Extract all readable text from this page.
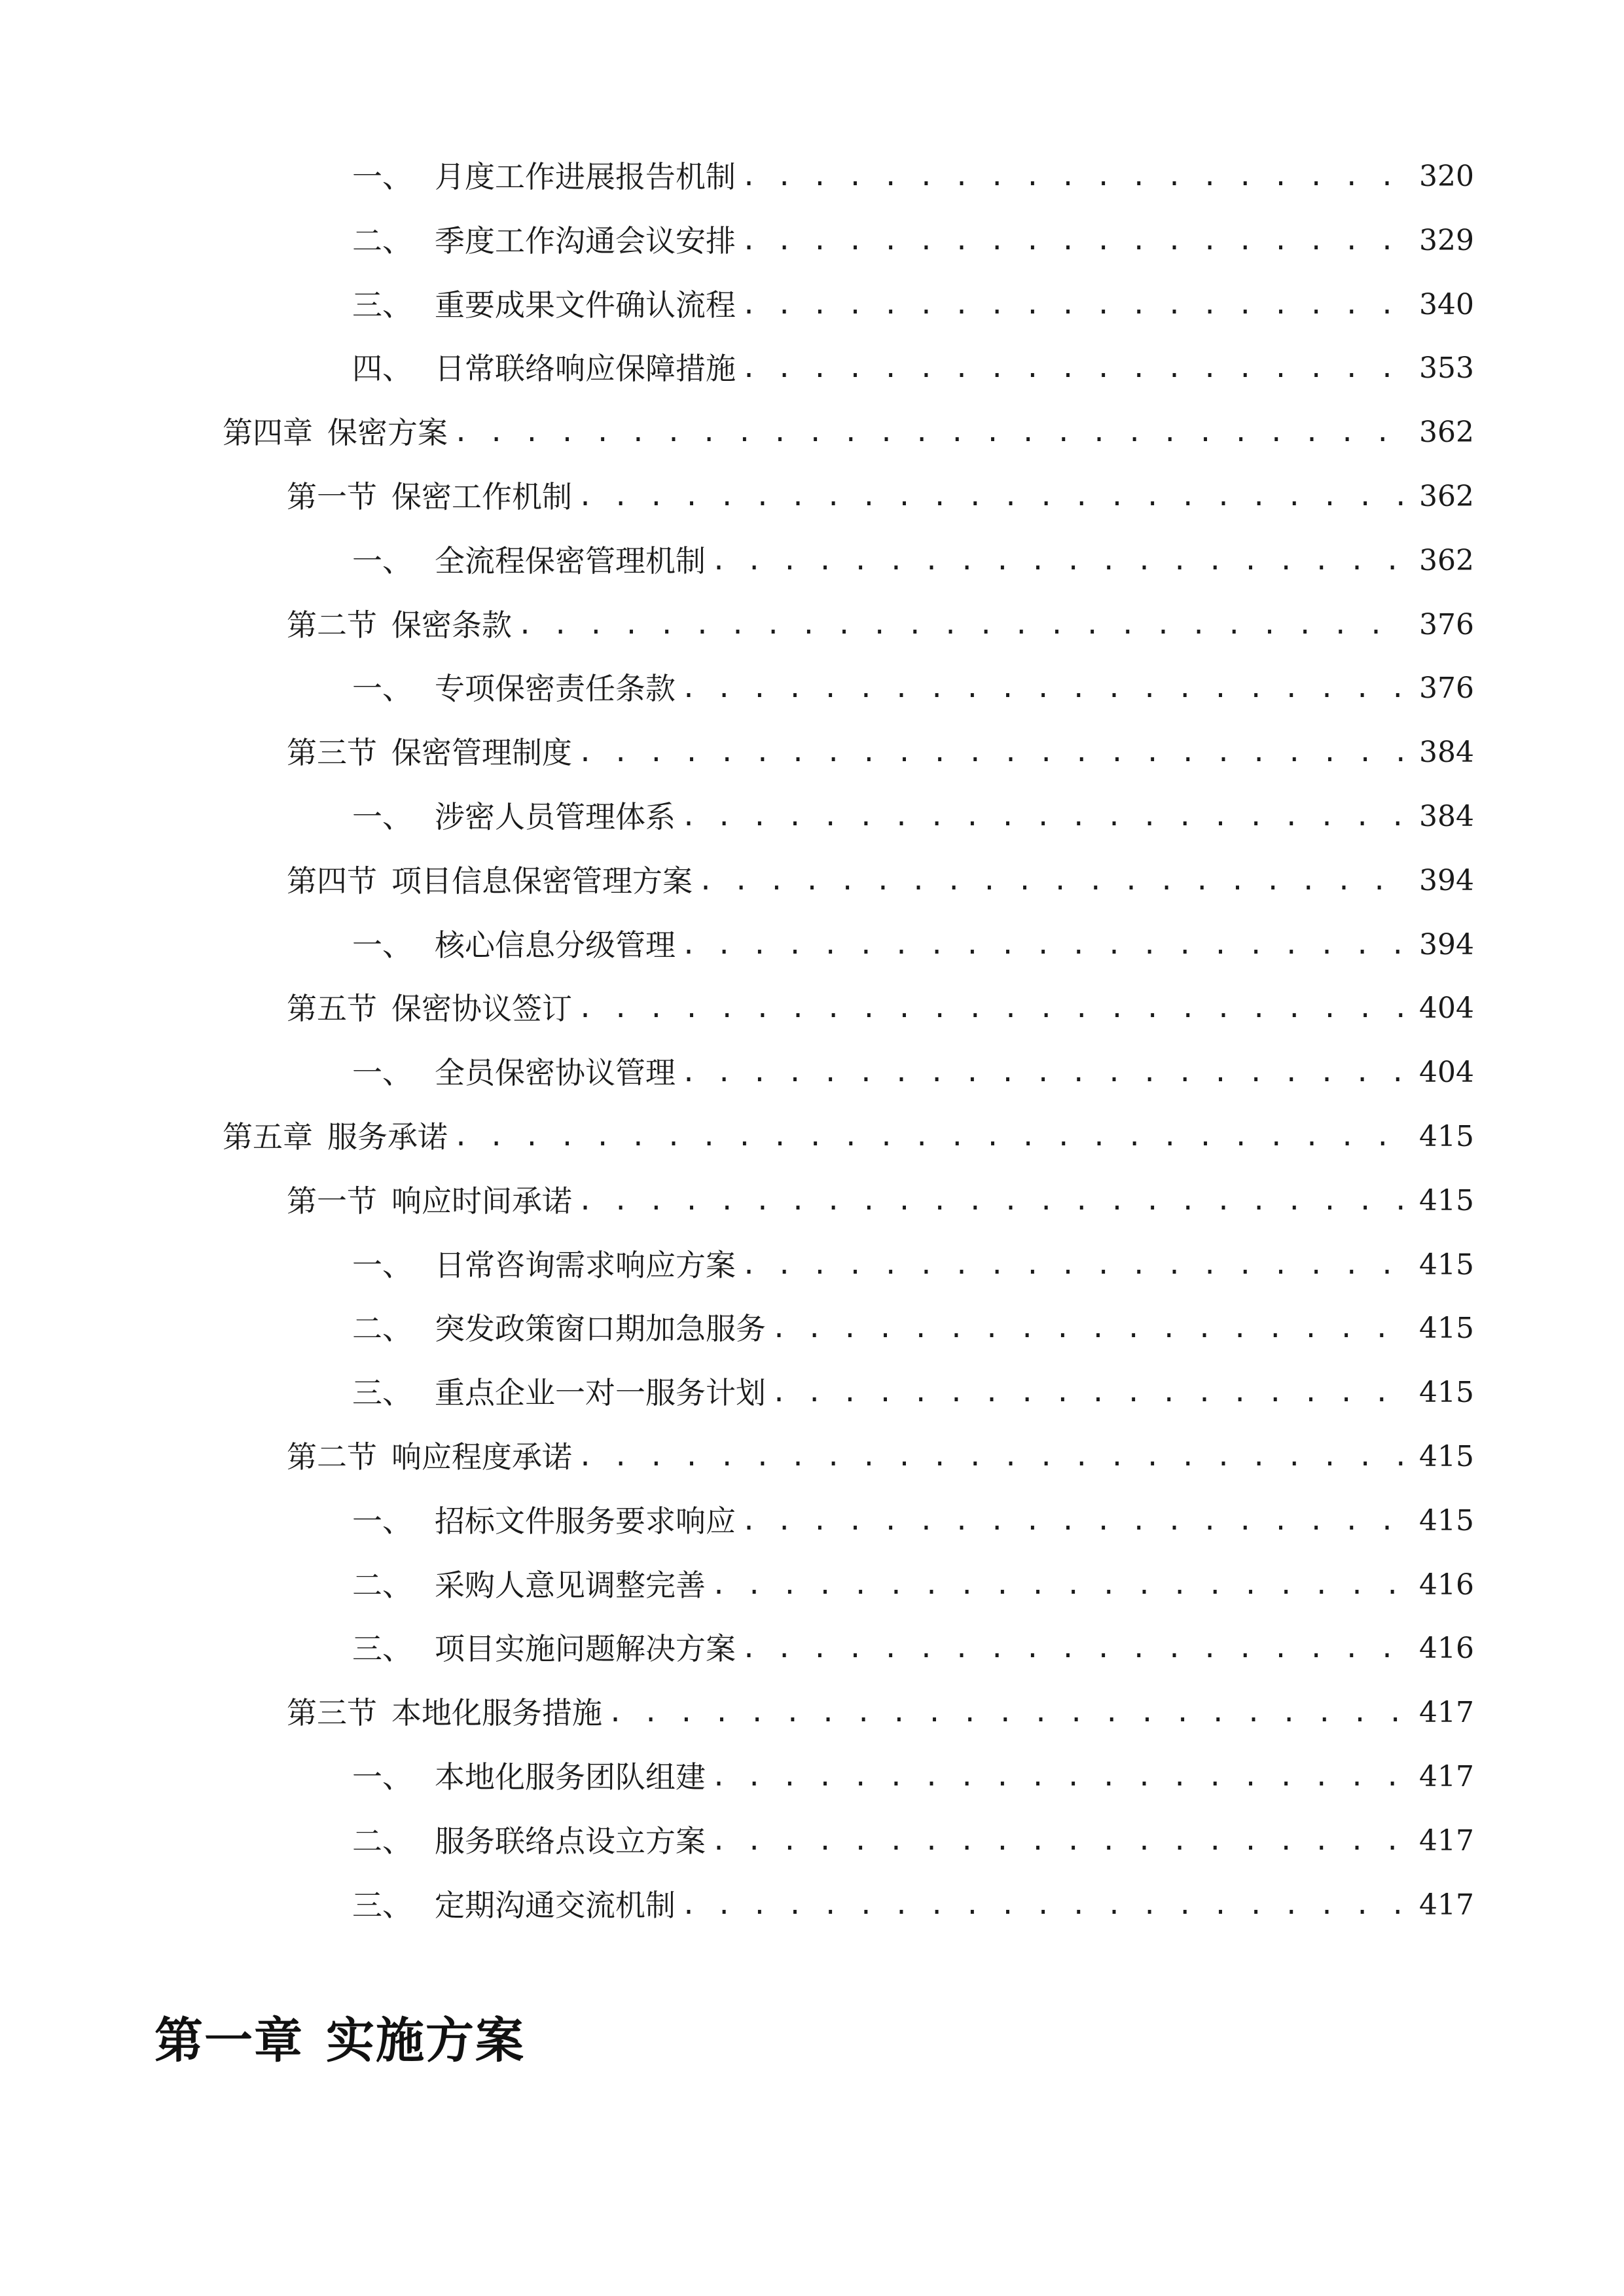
一、 月度工作进展报告机制 . . .	320
二、 季度工作沟通会议安排 . . .	329
三、 重要成果文件确认流程 . . .	340
四、 日常联络响应保障措施 . . .	353
第四章 保密方案 . . .	362
第一节 保密工作机制 . . .	362
一、 全流程保密管理机制 . . .	362
第二节 保密条款 . . .	376
一、 专项保密责任条款 . . .	376
第三节 保密管理制度 . . .	384
一、 涉密人员管理体系 . . .	384
第四节 项目信息保密管理方案 . . .	394
一、 核心信息分级管理 . . .	394
第五节 保密协议签订 . . .	404
一、 全员保密协议管理 . . .	404
第五章 服务承诺 . . .	415
第一节 响应时间承诺 . . .	415
一、 日常咨询需求响应方案 . . .	415
二、 突发政策窗口期加急服务 . . .	415
三、 重点企业一对一服务计划 . . .	415
第二节 响应程度承诺 . . .	415
一、 招标文件服务要求响应 . . .	415
二、 采购人意见调整完善 . . .	416
三、 项目实施问题解决方案 . . .	416
第三节 本地化服务措施 . . .	417
一、 本地化服务团队组建 . . .	417
二、 服务联络点设立方案 . . .	417
三、 定期沟通交流机制 . . .	417
第一章 实施方案
